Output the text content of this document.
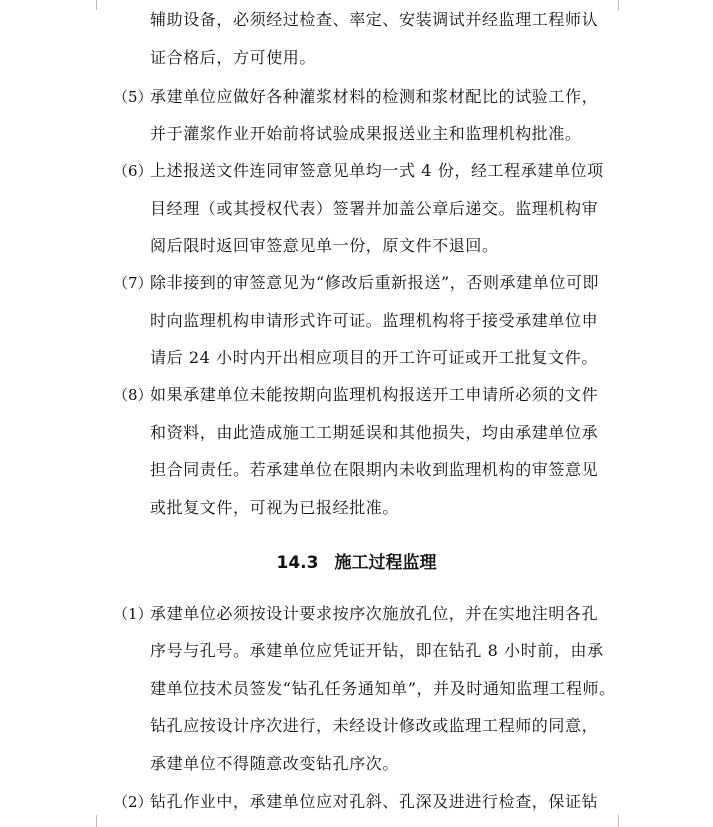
辅助设备，必须经过检查、率定、安装调试并经监理工程师认
证合格后，方可使用。
（5）
承建单位应做好各种灌浆材料的检测和浆材配比的试验工作，
并于灌浆作业开始前将试验成果报送业主和监理机构批准。
（6）
上述报送文件连同审签意见单均一式 4 份，经工程承建单位项
目经理（或其授权代表）签署并加盖公章后递交。监理机构审
阅后限时返回审签意见单一份，原文件不退回。
（7）
除非接到的审签意见为“修改后重新报送”，否则承建单位可即
时向监理机构申请形式许可证。监理机构将于接受承建单位申
请后 24 小时内开出相应项目的开工许可证或开工批复文件。
（8）
如果承建单位未能按期向监理机构报送开工申请所必须的文件
和资料，由此造成施工工期延误和其他损失，均由承建单位承
担合同责任。若承建单位在限期内未收到监理机构的审签意见
或批复文件，可视为已报经批准。
14.3 施工过程监理
（1）
承建单位必须按设计要求按序次施放孔位，并在实地注明各孔
序号与孔号。承建单位应凭证开钻，即在钻孔 8 小时前，由承
建单位技术员签发“钻孔任务通知单”，并及时通知监理工程师。
钻孔应按设计序次进行，未经设计修改或监理工程师的同意，
承建单位不得随意改变钻孔序次。
（2）
钻孔作业中，承建单位应对孔斜、孔深及进进行检查，保证钻
